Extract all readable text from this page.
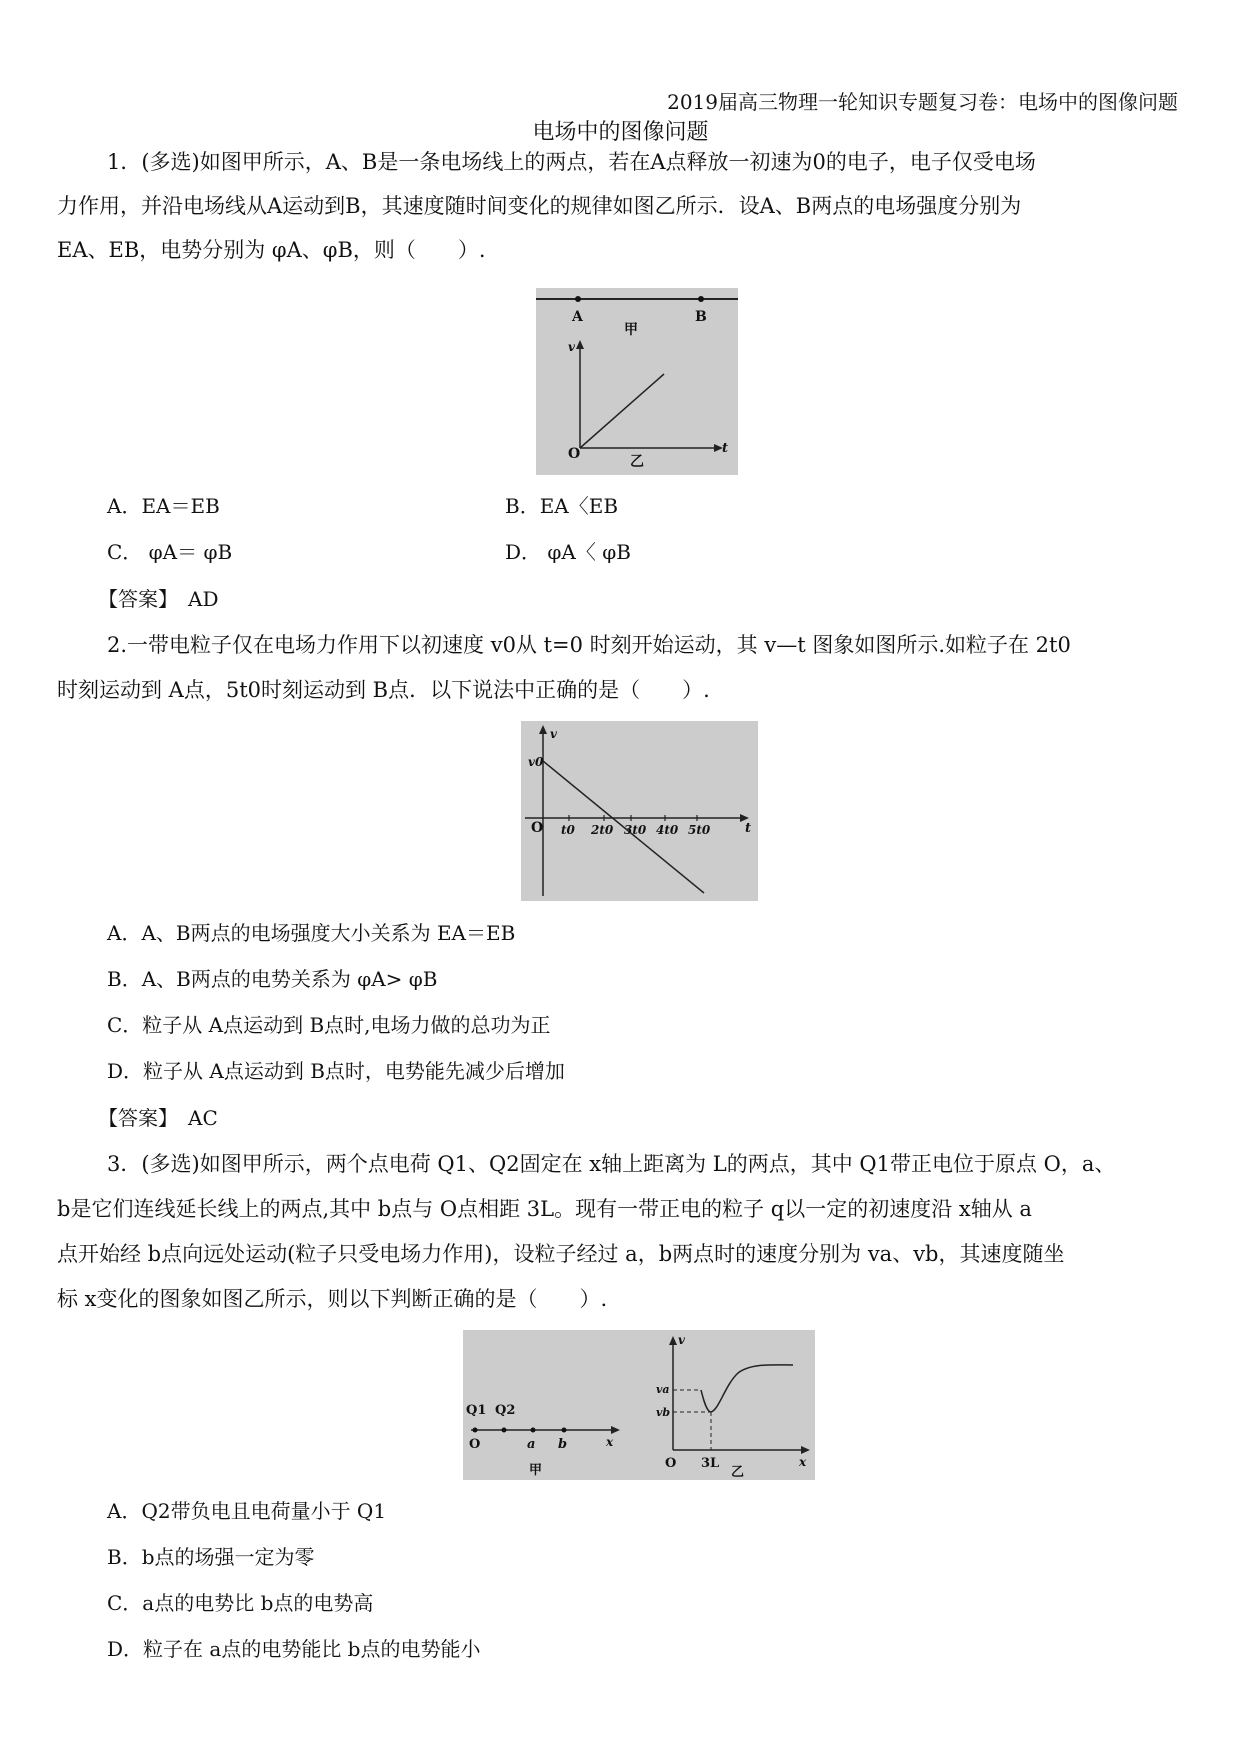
2019届高三物理一轮知识专题复习卷：电场中的图像问题
电场中的图像问题
1．(多选)如图甲所示，A、B是一条电场线上的两点，若在A点释放一初速为0的电子，电子仅受电场
力作用，并沿电场线从A运动到B，其速度随时间变化的规律如图乙所示．设A、B两点的电场强度分别为
EA、EB，电势分别为 φA、φB，则（　　）.
A	B
甲
v
O	t
乙
A．EA＝EB	B．EA〈EB
C． φA＝ φB	D． φA〈 φB
【答案】　AD
2.一带电粒子仅在电场力作用下以初速度 v0从 t=0 时刻开始运动，其 v—t 图象如图所示.如粒子在 2t0
时刻运动到 A点，5t0时刻运动到 B点．以下说法中正确的是（　　）.
v
v0
O	t
t0 2t0 3t0 4t0 5t0
A．A、B两点的电场强度大小关系为 EA＝EB
B．A、B两点的电势关系为 φA> φB
C．粒子从 A点运动到 B点时,电场力做的总功为正
D．粒子从 A点运动到 B点时，电势能先减少后增加
【答案】　AC
3．(多选)如图甲所示，两个点电荷 Q1、Q2固定在 x轴上距离为 L的两点，其中 Q1带正电位于原点 O，a、
b是它们连线延长线上的两点,其中 b点与 O点相距 3L。现有一带正电的粒子 q以一定的初速度沿 x轴从 a
点开始经 b点向远处运动(粒子只受电场力作用)，设粒子经过 a，b两点时的速度分别为 va、vb，其速度随坐
标 x变化的图象如图乙所示，则以下判断正确的是（　　）.
Q1 Q2
O	a b	x
甲
v
va
vb
O 3L	x
乙
A．Q2带负电且电荷量小于 Q1
B．b点的场强一定为零
C．a点的电势比 b点的电势高
D．粒子在 a点的电势能比 b点的电势能小
